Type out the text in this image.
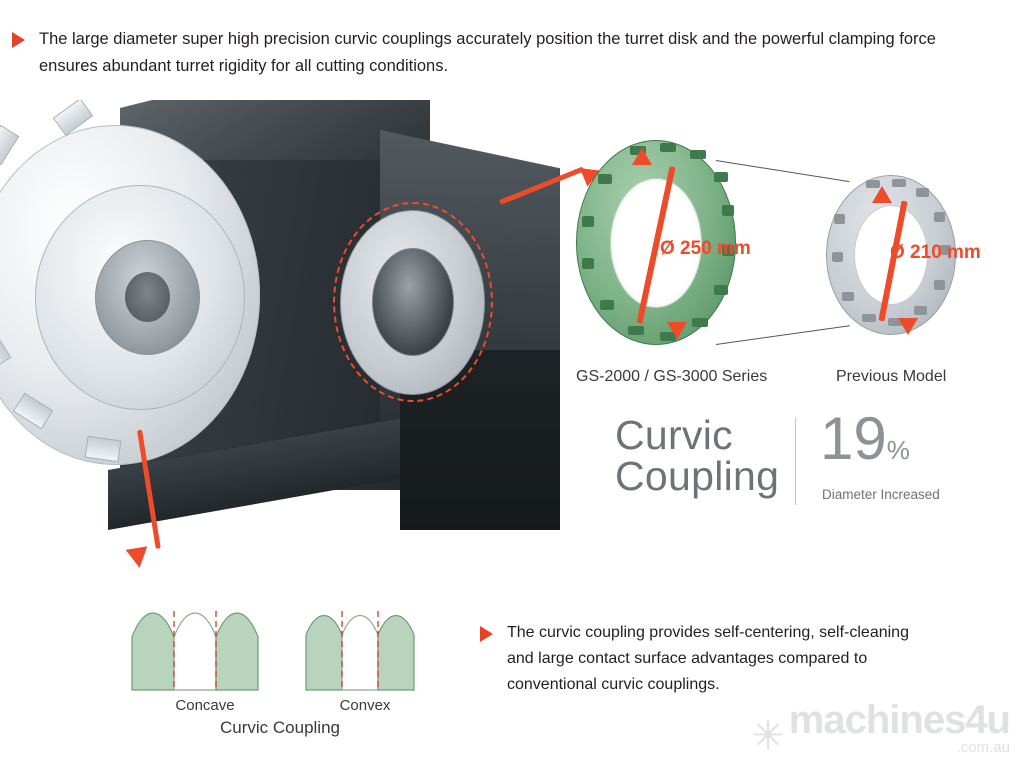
The large diameter super high precision curvic couplings accurately position the turret disk and the powerful clamping force ensures abundant turret rigidity for all cutting conditions.
Ø 250 mm
GS-2000 / GS-3000 Series
Ø 210 mm
Previous Model
Curvic
Coupling
19%
Diameter Increased
Concave	Convex
Curvic Coupling
The curvic coupling provides self-centering, self-cleaning and large contact surface advantages compared to conventional curvic couplings.
✳ machines4u
.com.au
